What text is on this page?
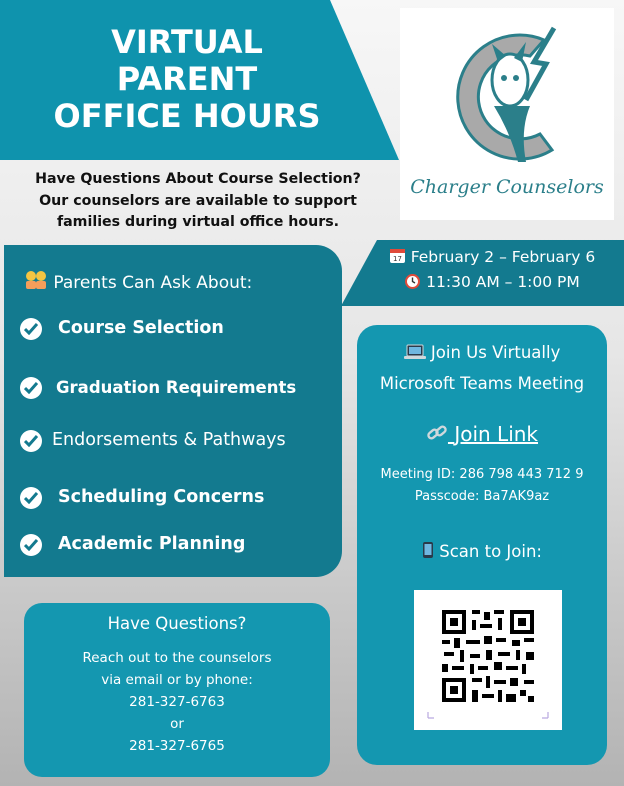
VIRTUAL
PARENT
OFFICE HOURS
Charger Counselors
Have Questions About Course Selection?
Our counselors are available to support
families during virtual office hours.
Parents Can Ask About:
Course Selection
Graduation Requirements
Endorsements & Pathways
Scheduling Concerns
Academic Planning
17 February 2 – February 6
11:30 AM – 1:00 PM
Join Us Virtually
Microsoft Teams Meeting
Join Link
Meeting ID: 286 798 443 712 9
Passcode: Ba7AK9az
Scan to Join:
Have Questions?
Reach out to the counselors
via email or by phone:
281-327-6763
or
281-327-6765
